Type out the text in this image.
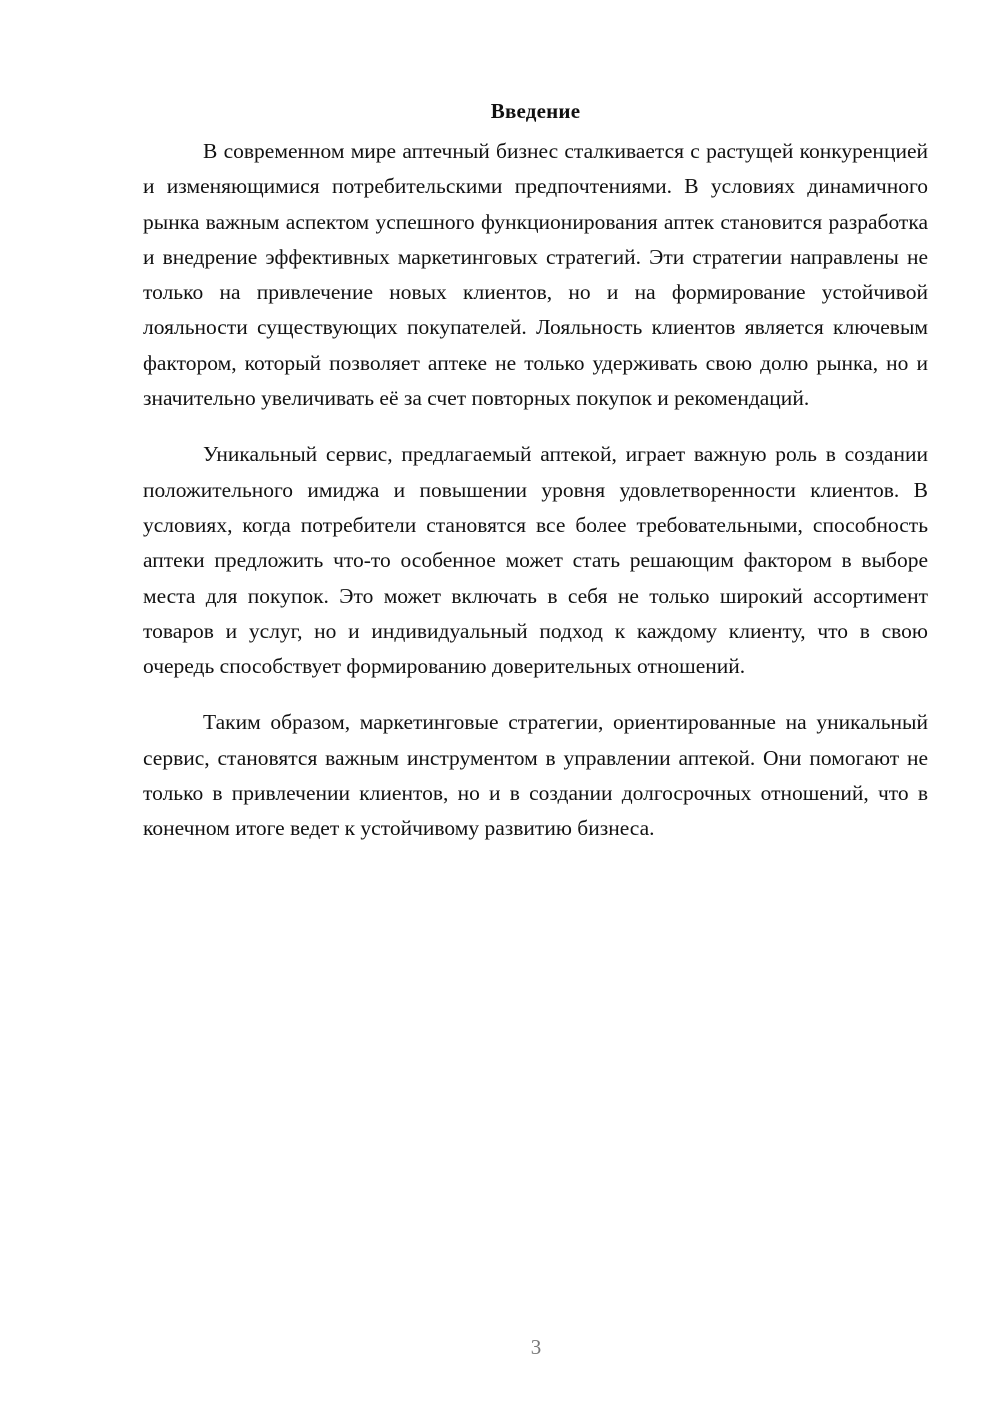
Введение

В современном мире аптечный бизнес сталкивается с растущей конкуренцией и изменяющимися потребительскими предпочтениями. В условиях динамичного рынка важным аспектом успешного функционирования аптек становится разработка и внедрение эффективных маркетинговых стратегий. Эти стратегии направлены не только на привлечение новых клиентов, но и на формирование устойчивой лояльности существующих покупателей. Лояльность клиентов является ключевым фактором, который позволяет аптеке не только удерживать свою долю рынка, но и значительно увеличивать её за счет повторных покупок и рекомендаций.

Уникальный сервис, предлагаемый аптекой, играет важную роль в создании положительного имиджа и повышении уровня удовлетворенности клиентов. В условиях, когда потребители становятся все более требовательными, способность аптеки предложить что-то особенное может стать решающим фактором в выборе места для покупок. Это может включать в себя не только широкий ассортимент товаров и услуг, но и индивидуальный подход к каждому клиенту, что в свою очередь способствует формированию доверительных отношений.

Таким образом, маркетинговые стратегии, ориентированные на уникальный сервис, становятся важным инструментом в управлении аптекой. Они помогают не только в привлечении клиентов, но и в создании долгосрочных отношений, что в конечном итоге ведет к устойчивому развитию бизнеса.

3
